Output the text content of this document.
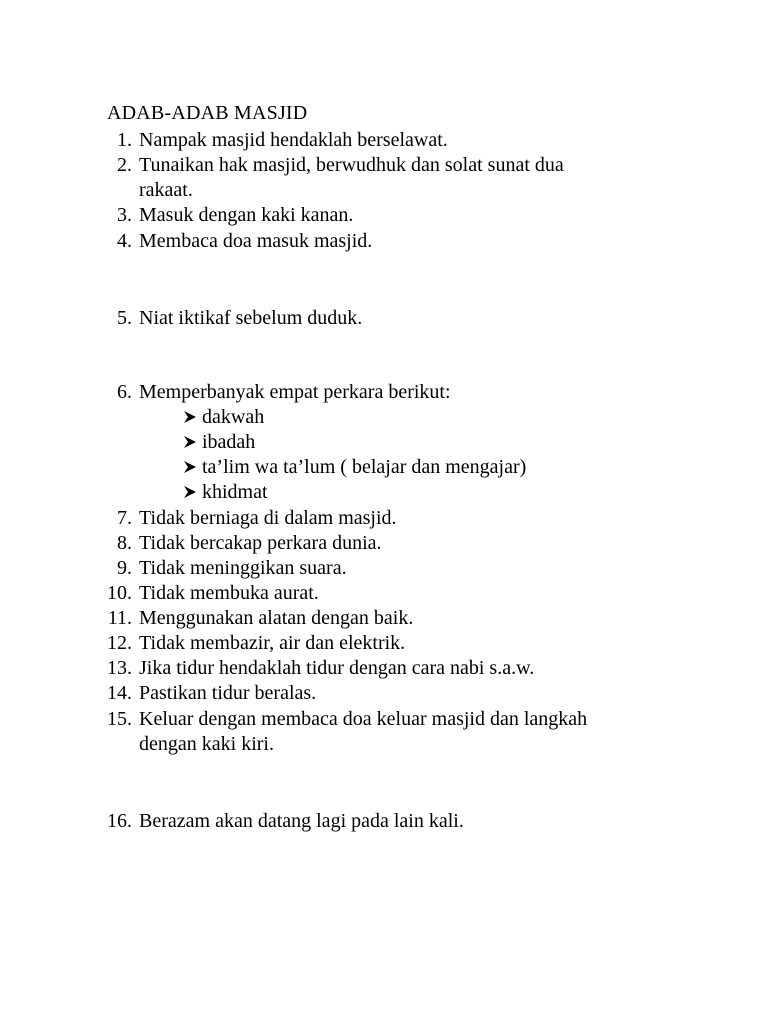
ADAB-ADAB MASJID
1. Nampak masjid hendaklah berselawat.
2. Tunaikan hak masjid, berwudhuk dan solat sunat dua
rakaat.
3. Masuk dengan kaki kanan.
4. Membaca doa masuk masjid.
5. Niat iktikaf sebelum duduk.
6. Memperbanyak empat perkara berikut:
dakwah
ibadah
ta’lim wa ta’lum ( belajar dan mengajar)
khidmat
7. Tidak berniaga di dalam masjid.
8. Tidak bercakap perkara dunia.
9. Tidak meninggikan suara.
10. Tidak membuka aurat.
11. Menggunakan alatan dengan baik.
12. Tidak membazir, air dan elektrik.
13. Jika tidur hendaklah tidur dengan cara nabi s.a.w.
14. Pastikan tidur beralas.
15. Keluar dengan membaca doa keluar masjid dan langkah
dengan kaki kiri.
16. Berazam akan datang lagi pada lain kali.
